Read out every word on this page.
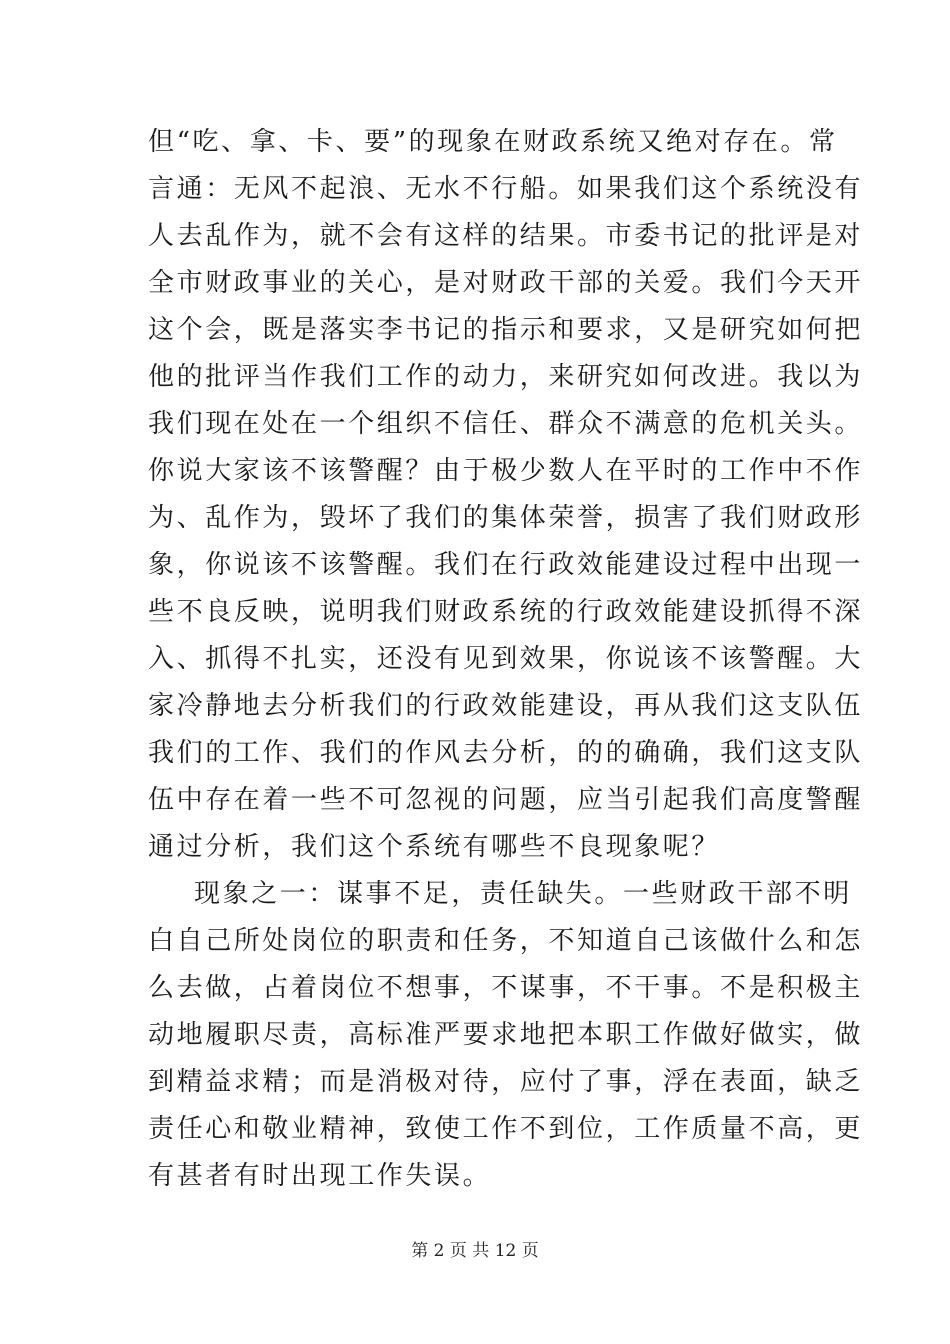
但“吃、拿、卡、要”的现象在财政系统又绝对存在。常
言通：无风不起浪、无水不行船。如果我们这个系统没有
人去乱作为，就不会有这样的结果。市委书记的批评是对
全市财政事业的关心，是对财政干部的关爱。我们今天开
这个会，既是落实李书记的指示和要求，又是研究如何把
他的批评当作我们工作的动力，来研究如何改进。我以为
我们现在处在一个组织不信任、群众不满意的危机关头。
你说大家该不该警醒？由于极少数人在平时的工作中不作
为、乱作为，毁坏了我们的集体荣誉，损害了我们财政形
象，你说该不该警醒。我们在行政效能建设过程中出现一
些不良反映，说明我们财政系统的行政效能建设抓得不深
入、抓得不扎实，还没有见到效果，你说该不该警醒。大
家冷静地去分析我们的行政效能建设，再从我们这支队伍
我们的工作、我们的作风去分析，的的确确，我们这支队
伍中存在着一些不可忽视的问题，应当引起我们高度警醒
通过分析，我们这个系统有哪些不良现象呢？
现象之一：谋事不足，责任缺失。一些财政干部不明
白自己所处岗位的职责和任务，不知道自己该做什么和怎
么去做，占着岗位不想事，不谋事，不干事。不是积极主
动地履职尽责，高标准严要求地把本职工作做好做实，做
到精益求精；而是消极对待，应付了事，浮在表面，缺乏
责任心和敬业精神，致使工作不到位，工作质量不高，更
有甚者有时出现工作失误。
第 2 页 共 12 页
